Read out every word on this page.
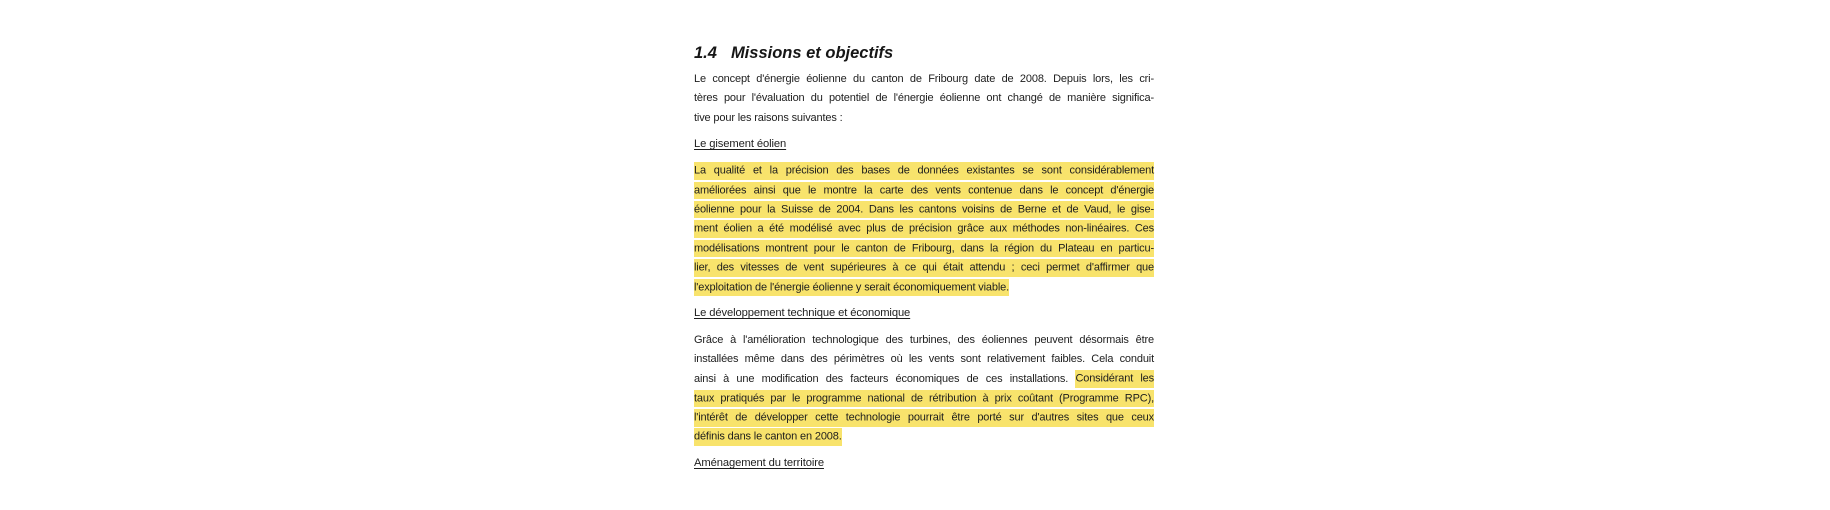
1.4 Missions et objectifs
Le concept d'énergie éolienne du canton de Fribourg date de 2008. Depuis lors, les cri-
tères pour l'évaluation du potentiel de l'énergie éolienne ont changé de manière significa-
tive pour les raisons suivantes :
Le gisement éolien
La qualité et la précision des bases de données existantes se sont considérablement
améliorées ainsi que le montre la carte des vents contenue dans le concept d'énergie
éolienne pour la Suisse de 2004. Dans les cantons voisins de Berne et de Vaud, le gise-
ment éolien a été modélisé avec plus de précision grâce aux méthodes non-linéaires. Ces
modélisations montrent pour le canton de Fribourg, dans la région du Plateau en particu-
lier, des vitesses de vent supérieures à ce qui était attendu ; ceci permet d'affirmer que
l'exploitation de l'énergie éolienne y serait économiquement viable.
Le développement technique et économique
Grâce à l'amélioration technologique des turbines, des éoliennes peuvent désormais être
installées même dans des périmètres où les vents sont relativement faibles. Cela conduit
ainsi à une modification des facteurs économiques de ces installations. Considérant les
taux pratiqués par le programme national de rétribution à prix coûtant (Programme RPC),
l'intérêt de développer cette technologie pourrait être porté sur d'autres sites que ceux
définis dans le canton en 2008.
Aménagement du territoire
